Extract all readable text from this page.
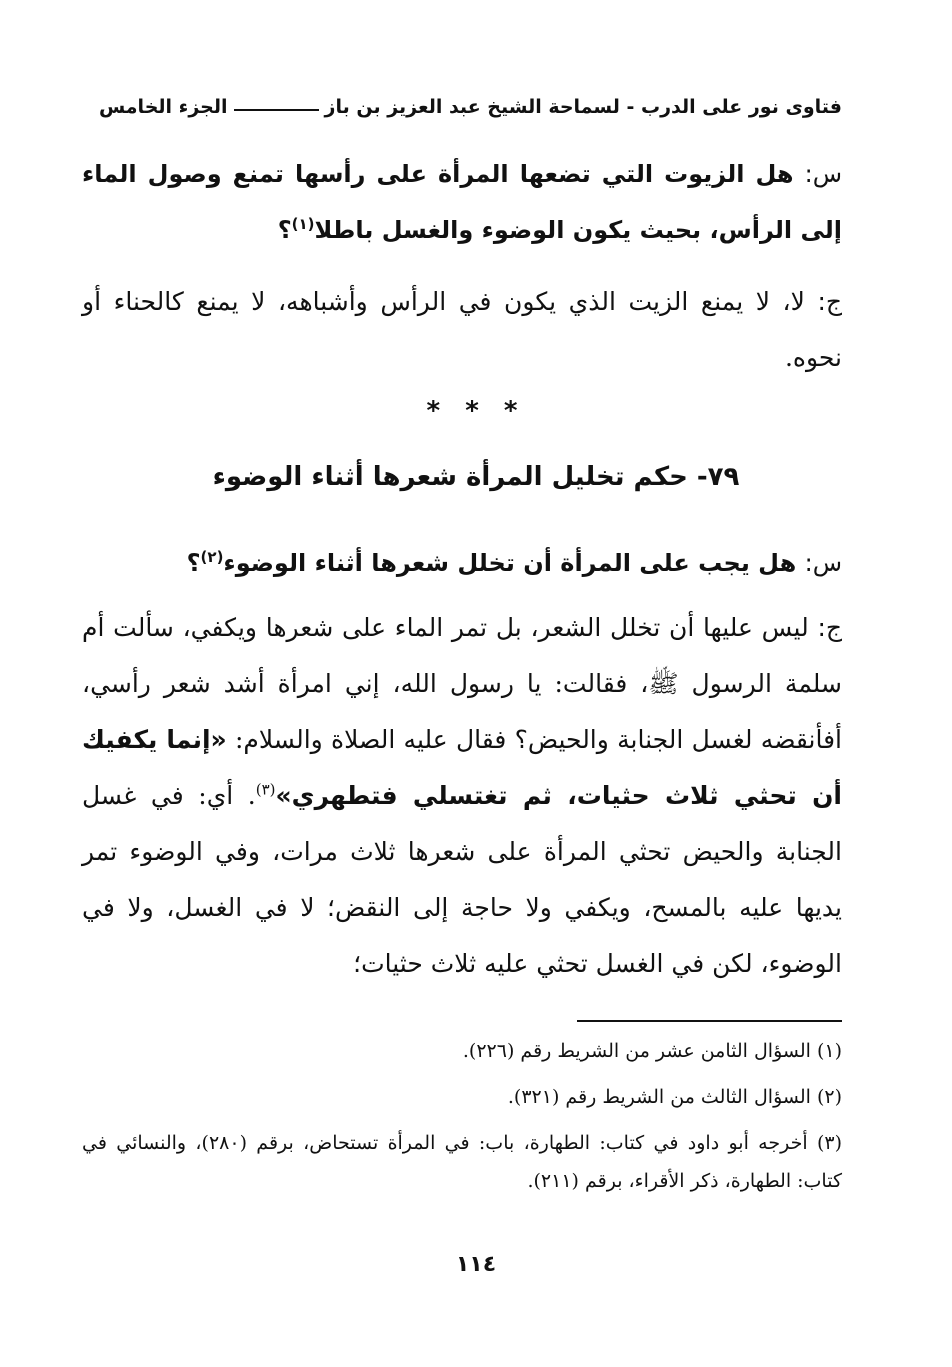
فتاوى نور على الدرب - لسماحة الشيخ عبد العزيز بن باز
الجزء الخامس
س: هل الزيوت التي تضعها المرأة على رأسها تمنع وصول الماء إلى الرأس، بحيث يكون الوضوء والغسل باطلا$^{(١)}$؟
ج: لا، لا يمنع الزيت الذي يكون في الرأس وأشباهه، لا يمنع كالحناء أو نحوه.
* * *
٧٩- حكم تخليل المرأة شعرها أثناء الوضوء
س: هل يجب على المرأة أن تخلل شعرها أثناء الوضوء$^{(٢)}$؟
ج: ليس عليها أن تخلل الشعر، بل تمر الماء على شعرها ويكفي، سألت أم سلمة الرسول ﷺ، فقالت: يا رسول الله، إني امرأة أشد شعر رأسي، أفأنقضه لغسل الجنابة والحيض؟ فقال عليه الصلاة والسلام: «إنما يكفيك أن تحثي ثلاث حثيات، ثم تغتسلي فتطهري»$^{(٣)}$. أي: في غسل الجنابة والحيض تحثي المرأة على شعرها ثلاث مرات، وفي الوضوء تمر يديها عليه بالمسح، ويكفي ولا حاجة إلى النقض؛ لا في الغسل، ولا في الوضوء، لكن في الغسل تحثي عليه ثلاث حثيات؛

(١) السؤال الثامن عشر من الشريط رقم (٢٢٦).

(٢) السؤال الثالث من الشريط رقم (٣٢١).

(٣) أخرجه أبو داود في كتاب: الطهارة، باب: في المرأة تستحاض، برقم (٢٨٠)، والنسائي في كتاب: الطهارة، ذكر الأقراء، برقم (٢١١).

١١٤
